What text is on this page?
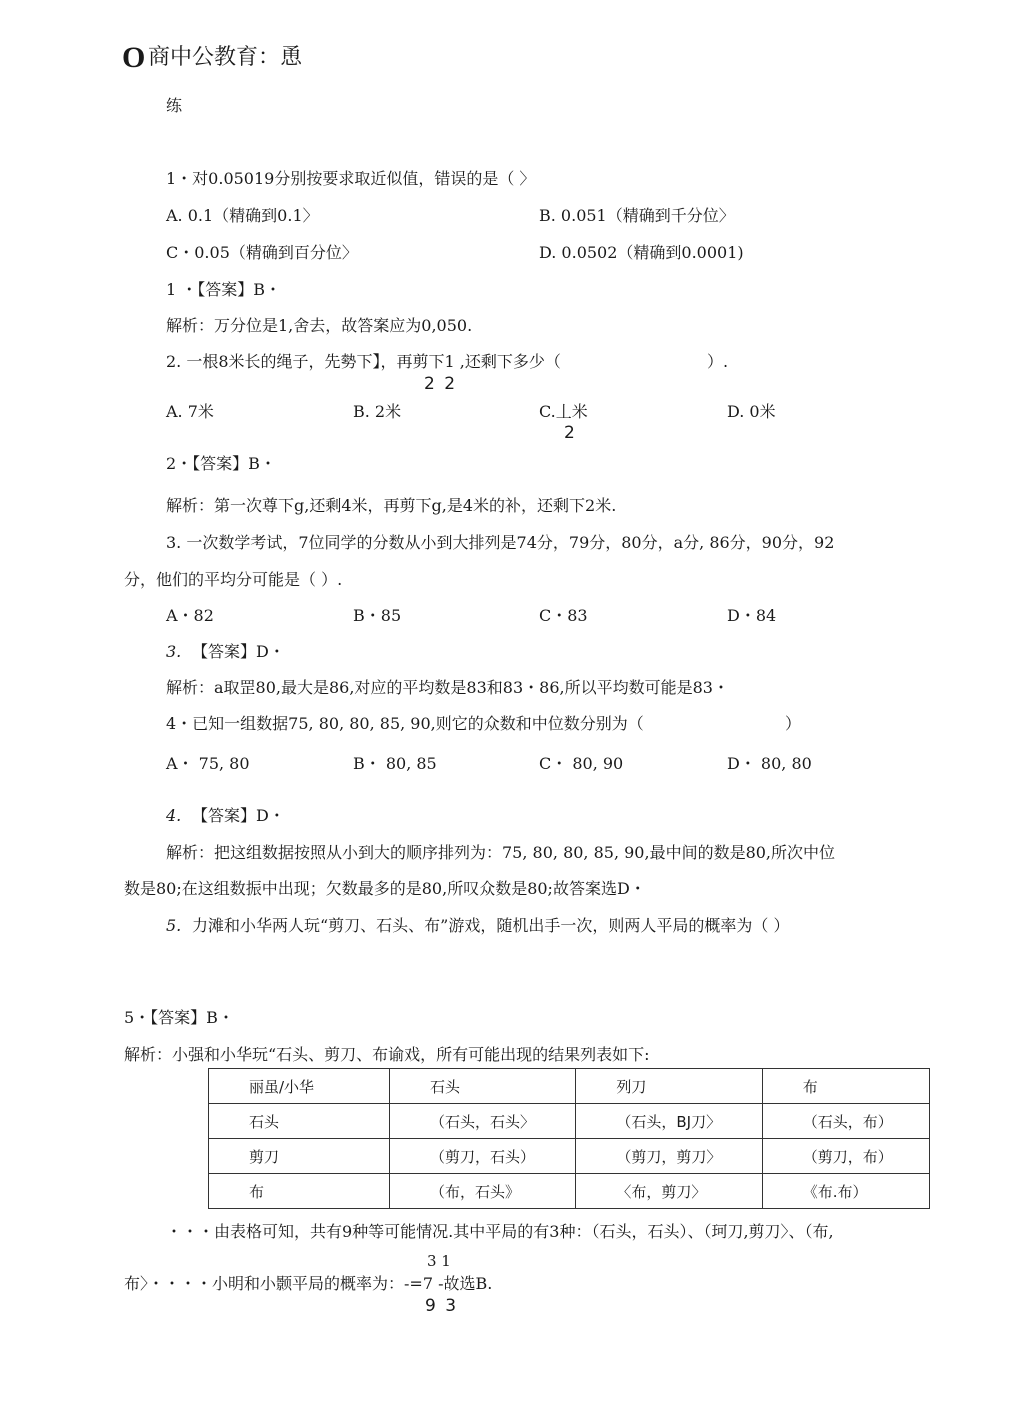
O 商中公教育：恿
练
1・对0.05019分别按要求取近似值，错误的是（ 〉
A. 0.1（精确到0.1〉	B. 0.051（精确到千分位〉
C・0.05（精确到百分位〉	D. 0.0502（精确到0.0001)
1 ・【答案】B・
解析：万分位是1,舍去，故答案应为0,050.
2. 一根8米长的绳子，先勢下】，再剪下1 ,还剩下多少（	）.
2 2
A. 7米	B. 2米	C.丄米
2
D. 0米
2・【答案】B・
解析：第一次尊下g,还剩4米，再剪下g,是4米的补，还剩下2米.
3. 一次数学考试，7位同学的分数从小到大排列是74分，79分，80分，a分, 86分，90分，92
分，他们的平均分可能是（ ）.
A・82	B・85	C・83	D・84
3. 【答案】D・
解析：a取罡80,最大是86,对应的平均数是83和83・86,所以平均数可能是83・
4・已知一组数据75, 80, 80, 85, 90,则它的众数和中位数分别为（	）
A・ 75, 80	B・ 80, 85	C・ 80, 90	D・ 80, 80
4. 【答案】D・
解析：把这组数据按照从小到大的顺序排列为：75, 80, 80, 85, 90,最中间的数是80,所次中位
数是80;在这组数振中出现；欠数最多的是80,所叹众数是80;故答案选D・
5. 力滩和小华两人玩“剪刀、石头、布”游戏，随机出手一次，则两人平局的概率为（ ）
5・【答案】B・
解析：小强和小华玩“石头、剪刀、布谕戏，所有可能出现的结果列表如下:
丽虽/小华	石头	列刀	布
石头	（石头，石头〉	（石头，BJ刀〉	（石头，布）
剪刀	（剪刀，石头）	（剪刀，剪刀〉	（剪刀，布）
布	（布，石头》	〈布，剪刀〉	《布.布）
・・・由表格可知，共有9种等可能情况.其中平局的有3种：（石头，石头）、（珂刀,剪刀〉、（布,
3 1
布〉・・・・小明和小颢平局的概率为：-=7 -故选B.
9 3
